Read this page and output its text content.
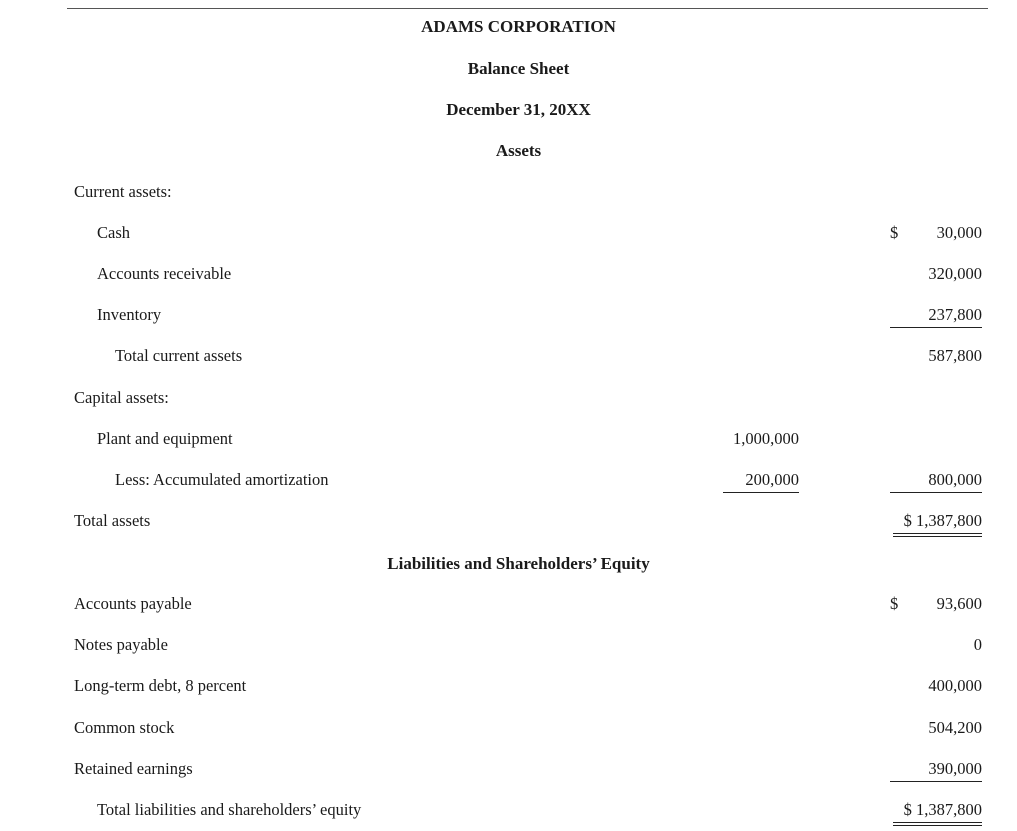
ADAMS CORPORATION
Balance Sheet
December 31, 20XX
Assets
Current assets:
Cash	$	30,000
Accounts receivable	320,000
Inventory	237,800
Total current assets	587,800
Capital assets:
Plant and equipment	1,000,000
Less: Accumulated amortization	200,000	800,000
Total assets	$ 1,387,800
Liabilities and Shareholders’ Equity
Accounts payable	$	93,600
Notes payable	0
Long-term debt, 8 percent	400,000
Common stock	504,200
Retained earnings	390,000
Total liabilities and shareholders’ equity	$ 1,387,800
